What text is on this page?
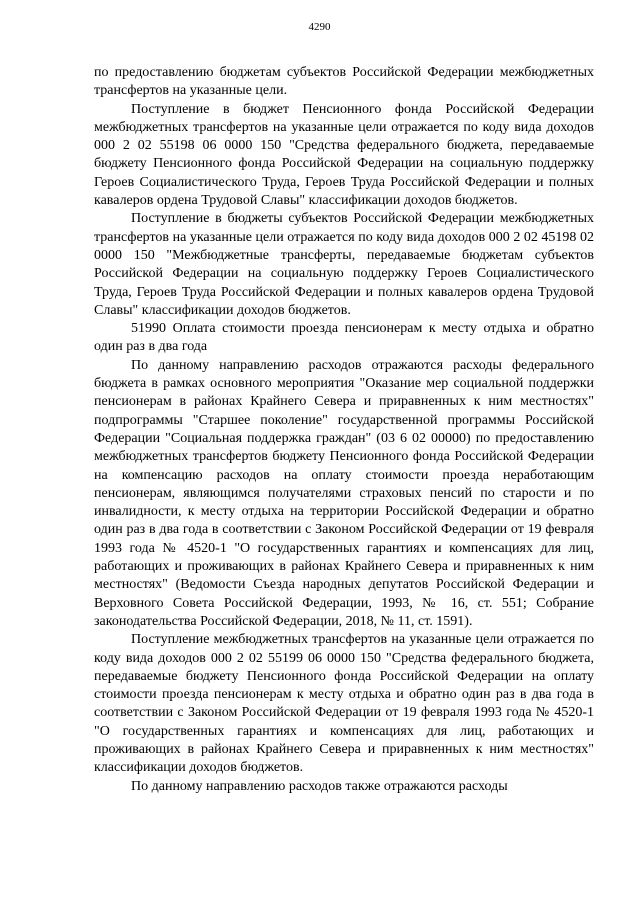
4290

по предоставлению бюджетам субъектов Российской Федерации межбюджетных трансфертов на указанные цели.

Поступление в бюджет Пенсионного фонда Российской Федерации межбюджетных трансфертов на указанные цели отражается по коду вида доходов 000 2 02 55198 06 0000 150 "Средства федерального бюджета, передаваемые бюджету Пенсионного фонда Российской Федерации на социальную поддержку Героев Социалистического Труда, Героев Труда Российской Федерации и полных кавалеров ордена Трудовой Славы" классификации доходов бюджетов.

Поступление в бюджеты субъектов Российской Федерации межбюджетных трансфертов на указанные цели отражается по коду вида доходов 000 2 02 45198 02 0000 150 "Межбюджетные трансферты, передаваемые бюджетам субъектов Российской Федерации на социальную поддержку Героев Социалистического Труда, Героев Труда Российской Федерации и полных кавалеров ордена Трудовой Славы" классификации доходов бюджетов.

51990 Оплата стоимости проезда пенсионерам к месту отдыха и обратно один раз в два года

По данному направлению расходов отражаются расходы федерального бюджета в рамках основного мероприятия "Оказание мер социальной поддержки пенсионерам в районах Крайнего Севера и приравненных к ним местностях" подпрограммы "Старшее поколение" государственной программы Российской Федерации "Социальная поддержка граждан" (03 6 02 00000) по предоставлению межбюджетных трансфертов бюджету Пенсионного фонда Российской Федерации на компенсацию расходов на оплату стоимости проезда неработающим пенсионерам, являющимся получателями страховых пенсий по старости и по инвалидности, к месту отдыха на территории Российской Федерации и обратно один раз в два года в соответствии с Законом Российской Федерации от 19 февраля 1993 года № 4520-1 "О государственных гарантиях и компенсациях для лиц, работающих и проживающих в районах Крайнего Севера и приравненных к ним местностях" (Ведомости Съезда народных депутатов Российской Федерации и Верховного Совета Российской Федерации, 1993, № 16, ст. 551; Собрание законодательства Российской Федерации, 2018, № 11, ст. 1591).

Поступление межбюджетных трансфертов на указанные цели отражается по коду вида доходов 000 2 02 55199 06 0000 150 "Средства федерального бюджета, передаваемые бюджету Пенсионного фонда Российской Федерации на оплату стоимости проезда пенсионерам к месту отдыха и обратно один раз в два года в соответствии с Законом Российской Федерации от 19 февраля 1993 года № 4520-1 "О государственных гарантиях и компенсациях для лиц, работающих и проживающих в районах Крайнего Севера и приравненных к ним местностях" классификации доходов бюджетов.

По данному направлению расходов также отражаются расходы
